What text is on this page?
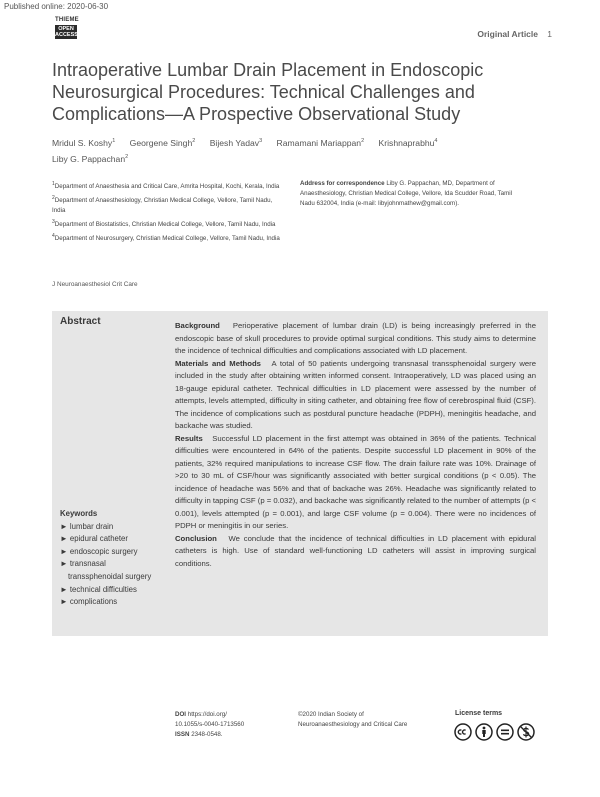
Published online: 2020-06-30
THIEME
OPEN
ACCESS	Original Article 1
Intraoperative Lumbar Drain Placement in Endoscopic Neurosurgical Procedures: Technical Challenges and Complications—A Prospective Observational Study
Mridul S. Koshy$^1$ Georgene Singh$^2$ Bijesh Yadav$^3$ Ramamani Mariappan$^2$ Krishnaprabhu$^4$
Liby G. Pappachan$^2$
$^1$Department of Anaesthesia and Critical Care, Amrita Hospital, Kochi, Kerala, India
$^2$Department of Anaesthesiology, Christian Medical College, Vellore, Tamil Nadu, India
$^3$Department of Biostatistics, Christian Medical College, Vellore, Tamil Nadu, India
$^4$Department of Neurosurgery, Christian Medical College, Vellore, Tamil Nadu, India
Address for correspondence Liby G. Pappachan, MD, Department of Anaesthesiology, Christian Medical College, Vellore, Ida Scudder Road, Tamil Nadu 632004, India (e-mail: libyjohnmathew@gmail.com).
J Neuroanaesthesiol Crit Care
Abstract	Background Perioperative placement of lumbar drain (LD) is being increasingly preferred in the endoscopic base of skull procedures to provide optimal surgical conditions. This study aims to determine the incidence of technical difficulties and complications associated with LD placement.

Materials and Methods A total of 50 patients undergoing transnasal transsphenoidal surgery were included in the study after obtaining written informed consent. Intraoperatively, LD was placed using an 18-gauge epidural catheter. Technical difficulties in LD placement were assessed by the number of attempts, levels attempted, difficulty in siting catheter, and obtaining free flow of cerebrospinal fluid (CSF). The incidence of complications such as postdural puncture headache (PDPH), meningitis headache, and backache was studied.

Results Successful LD placement in the first attempt was obtained in 36% of the patients. Technical difficulties were encountered in 64% of the patients. Despite successful LD placement in 90% of the patients, 32% required manipulations to increase CSF flow. The drain failure rate was 10%. Drainage of >20 to 30 mL of CSF/hour was significantly associated with better surgical conditions (p < 0.05). The incidence of headache was 56% and that of backache was 26%. Headache was significantly related to difficulty in tapping CSF (p = 0.032), and backache was significantly related to the number of attempts (p < 0.001), levels attempted (p = 0.001), and large CSF volume (p = 0.004). There were no incidences of PDPH or meningitis in our series.

Conclusion We conclude that the incidence of technical difficulties in LD placement with epidural catheters is high. Use of standard well-functioning LD catheters will assist in improving surgical conditions.

Keywords
► lumbar drain
► epidural catheter
► endoscopic surgery
► transnasal transsphenoidal surgery
► technical difficulties
► complications
DOI https://doi.org/
10.1055/s-0040-1713560
ISSN 2348-0548.
©2020 Indian Society of Neuroanaesthesiology and Critical Care
License terms
